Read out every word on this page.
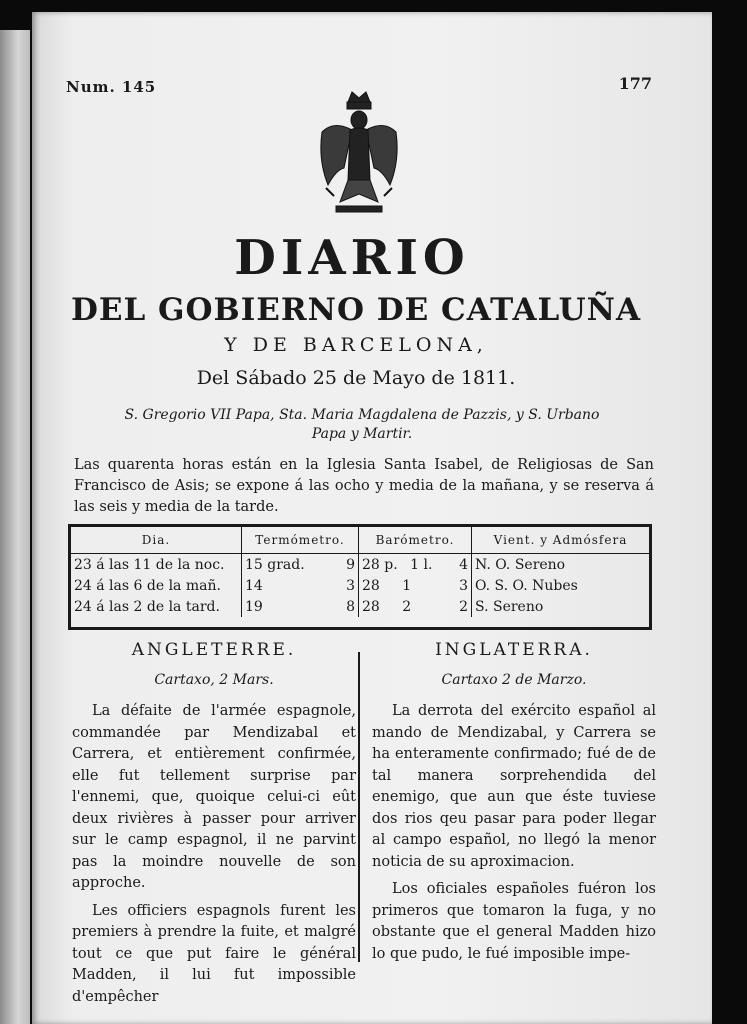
Num. 145	177
DIARIO
DEL GOBIERNO DE CATALUÑA
Y DE BARCELONA,
Del Sábado 25 de Mayo de 1811.
S. Gregorio VII Papa, Sta. Maria Magdalena de Pazzis, y S. Urbano
Papa y Martir.
Las quarenta horas están en la Iglesia Santa Isabel, de Religiosas de San Francisco de Asis; se expone á las ocho y media de la mañana, y se reserva á las seis y media de la tarde.
Dia.	Termómetro.	Barómetro.	Vient. y Admósfera
23 á las 11 de la noc.	15 grad. 9	28 p. 1 l. 4	N. O. Sereno
24 á las 6 de la mañ.	14 3	28 1 3	O. S. O. Nubes
24 á las 2 de la tard.	19 8	28 2 2	S. Sereno
ANGLETERRE.
Cartaxo, 2 Mars.

La défaite de l'armée espagnole, commandée par Mendizabal et Carrera, et entièrement confirmée, elle fut tellement surprise par l'ennemi, que, quoique celui-ci eût deux rivières à passer pour arriver sur le camp espagnol, il ne parvint pas la moindre nouvelle de son approche.

Les officiers espagnols furent les premiers à prendre la fuite, et malgré tout ce que put faire le général Madden, il lui fut impossible d'empêcher

INGLATERRA.
Cartaxo 2 de Marzo.

La derrota del exército español al mando de Mendizabal, y Carrera se ha enteramente confirmado; fué de de tal manera sorprehendida del enemigo, que aun que éste tuviese dos rios qeu pasar para poder llegar al campo español, no llegó la menor noticia de su aproximacion.

Los oficiales españoles fuéron los primeros que tomaron la fuga, y no obstante que el general Madden hizo lo que pudo, le fué imposible impe-
